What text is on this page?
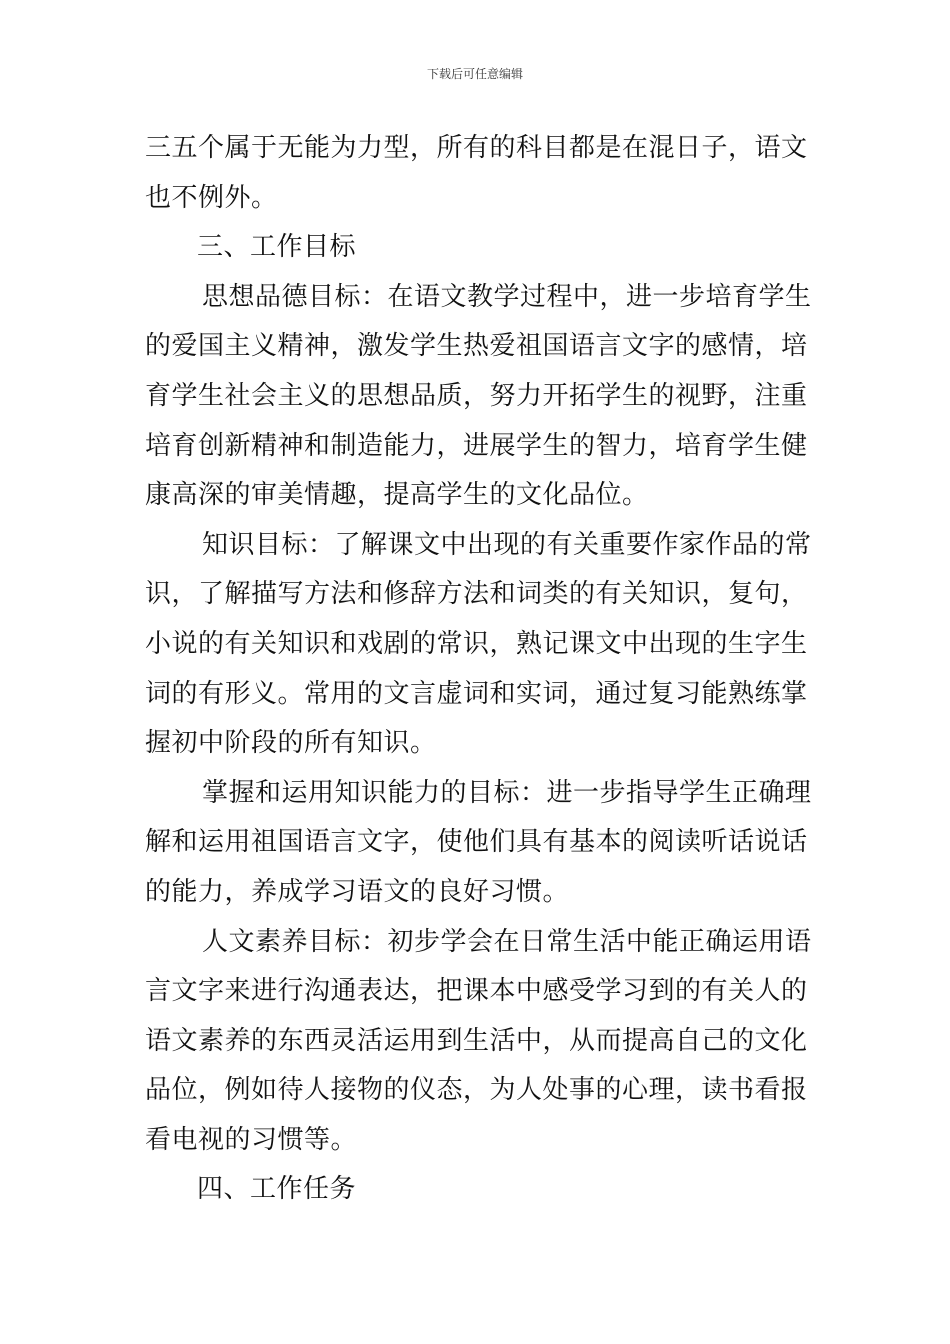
下载后可任意编辑
三五个属于无能为力型，所有的科目都是在混日子，语文
也不例外。
三、工作目标
思想品德目标：在语文教学过程中，进一步培育学生
的爱国主义精神，激发学生热爱祖国语言文字的感情，培
育学生社会主义的思想品质，努力开拓学生的视野，注重
培育创新精神和制造能力，进展学生的智力，培育学生健
康高深的审美情趣，提高学生的文化品位。
知识目标：了解课文中出现的有关重要作家作品的常
识，了解描写方法和修辞方法和词类的有关知识，复句，
小说的有关知识和戏剧的常识，熟记课文中出现的生字生
词的有形义。常用的文言虚词和实词，通过复习能熟练掌
握初中阶段的所有知识。
掌握和运用知识能力的目标：进一步指导学生正确理
解和运用祖国语言文字，使他们具有基本的阅读听话说话
的能力，养成学习语文的良好习惯。
人文素养目标：初步学会在日常生活中能正确运用语
言文字来进行沟通表达，把课本中感受学习到的有关人的
语文素养的东西灵活运用到生活中，从而提高自己的文化
品位，例如待人接物的仪态，为人处事的心理，读书看报
看电视的习惯等。
四、工作任务
